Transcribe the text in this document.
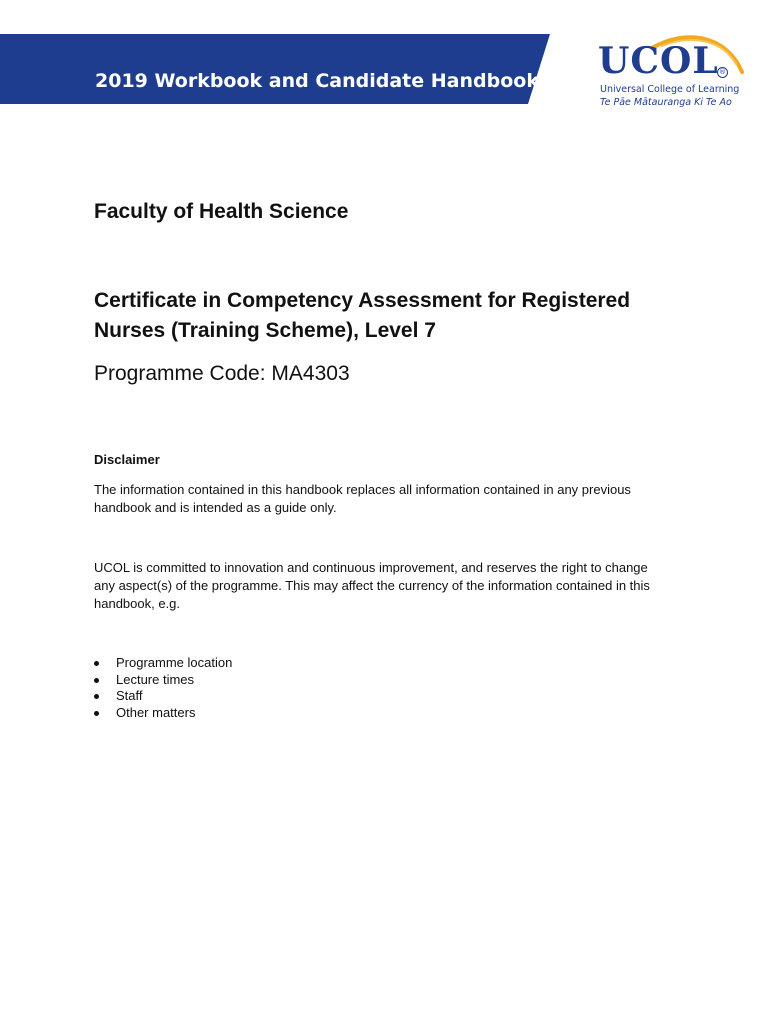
2019 Workbook and Candidate Handbook UCOL ®
Universal College of Learning
Te Pāe Mātauranga Ki Te Ao
Faculty of Health Science
Certificate in Competency Assessment for Registered Nurses (Training Scheme), Level 7

Programme Code: MA4303

Disclaimer

The information contained in this handbook replaces all information contained in any previous handbook and is intended as a guide only.

UCOL is committed to innovation and continuous improvement, and reserves the right to change any aspect(s) of the programme. This may affect the currency of the information contained in this handbook, e.g.

Programme location
Lecture times
Staff
Other matters
